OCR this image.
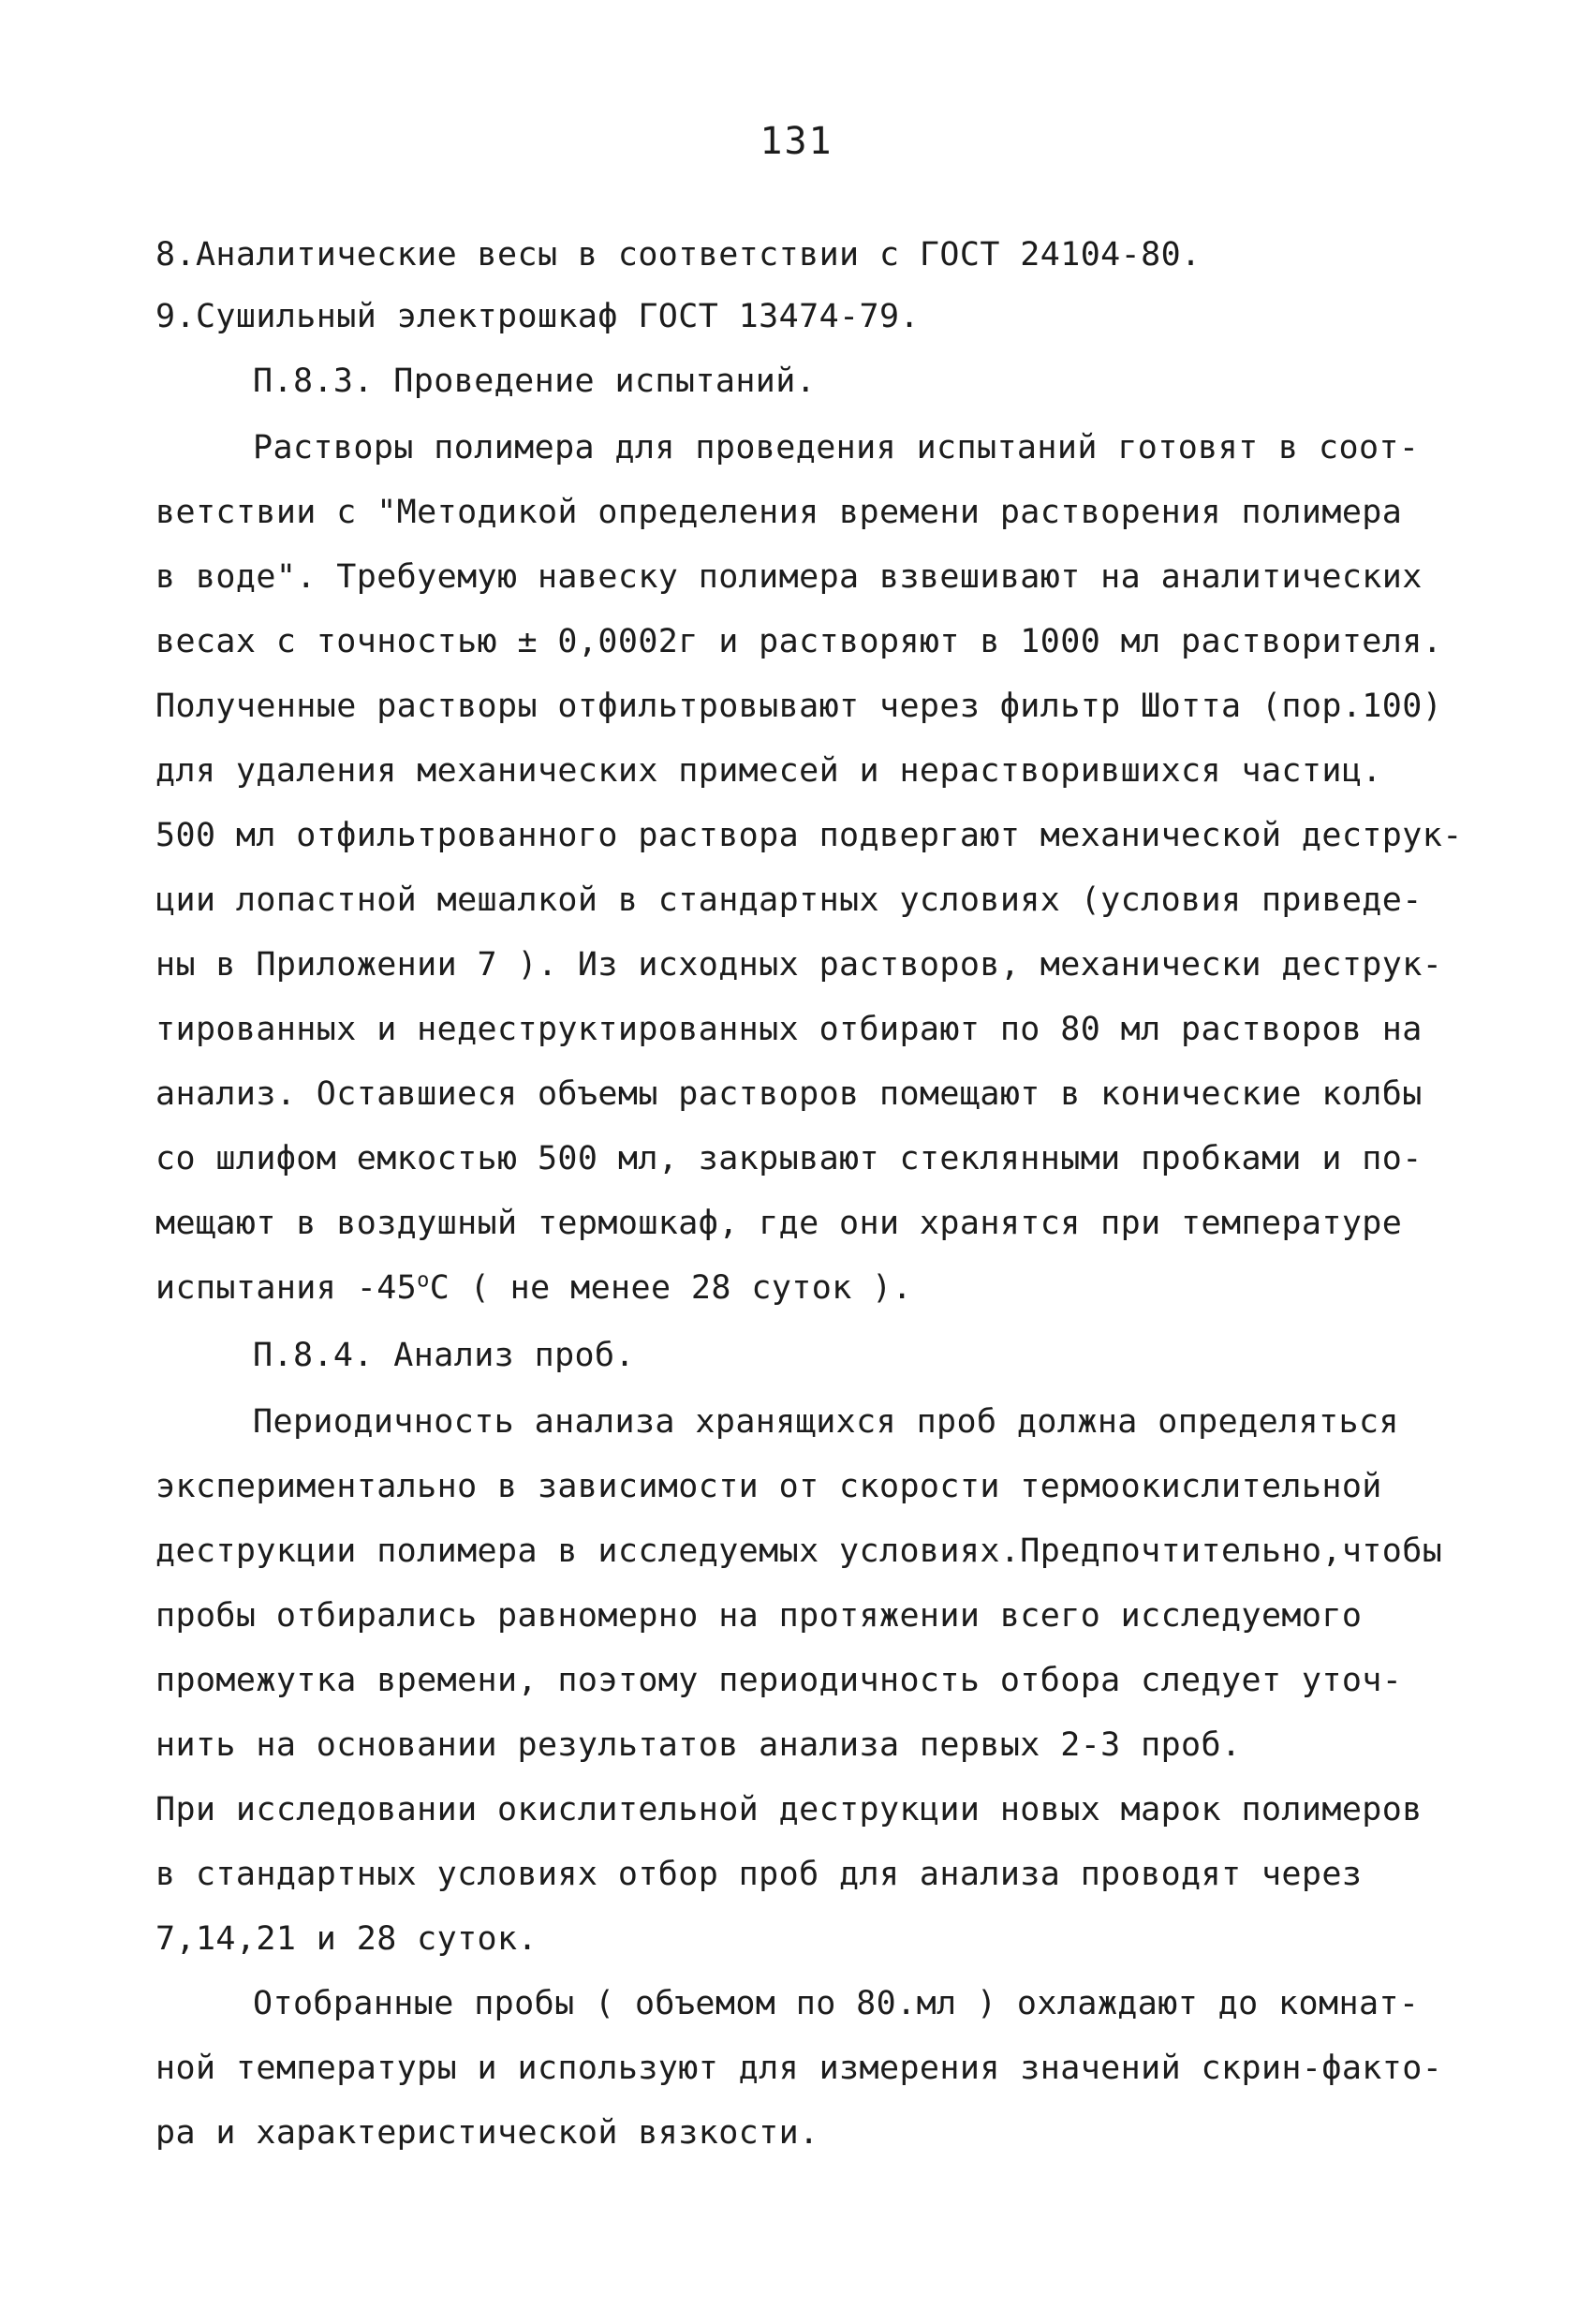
131
8.Аналитические весы в соответствии с ГОСТ 24104-80.
9.Сушильный электрошкаф ГОСТ 13474-79.
П.8.3. Проведение испытаний.
Растворы полимера для проведения испытаний готовят в соот-
ветствии с "Методикой определения времени растворения полимера
в воде". Требуемую навеску полимера взвешивают на аналитических
весах с точностью ± 0,0002г и растворяют в 1000 мл растворителя.
Полученные растворы отфильтровывают через фильтр Шотта (пор.100)
для удаления механических примесей и нерастворившихся частиц.
500 мл отфильтрованного раствора подвергают механической деструк-
ции лопастной мешалкой в стандартных условиях (условия приведе-
ны в Приложении 7 ). Из исходных растворов, механически деструк-
тированных и недеструктированных отбирают по 80 мл растворов на
анализ. Оставшиеся объемы растворов помещают в конические колбы
со шлифом емкостью 500 мл, закрывают стеклянными пробками и по-
мещают в воздушный термошкаф, где они хранятся при температуре
испытания -45$^o$С ( не менее 28 суток ).
П.8.4. Анализ проб.
Периодичность анализа хранящихся проб должна определяться
экспериментально в зависимости от скорости термоокислительной
деструкции полимера в исследуемых условиях.Предпочтительно,чтобы
пробы отбирались равномерно на протяжении всего исследуемого
промежутка времени, поэтому периодичность отбора следует уточ-
нить на основании результатов анализа первых 2-3 проб.
При исследовании окислительной деструкции новых марок полимеров
в стандартных условиях отбор проб для анализа проводят через
7,14,21 и 28 суток.
Отобранные пробы ( объемом по 80.мл ) охлаждают до комнат-
ной температуры и используют для измерения значений скрин-факто-
ра и характеристической вязкости.
